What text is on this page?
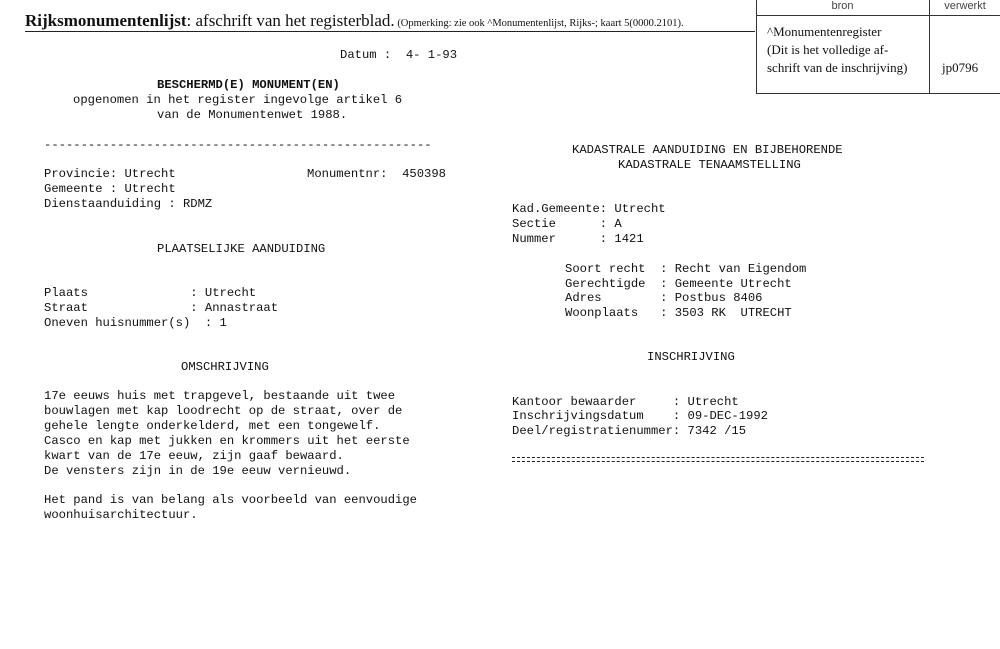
Rijksmonumentenlijst: afschrift van het registerblad. (Opmerking: zie ook ^Monumentenlijst, Rijks-; kaart 5(0000.2101).
bron	verwerkt
^Monumentenregister
(Dit is het volledige af-
schrift van de inschrijving)	jp0796
Datum :  4- 1-93
BESCHERMD(E) MONUMENT(EN)
opgenomen in het register ingevolge artikel 6
van de Monumentenwet 1988.
-----------------------------------------------------
Provincie: Utrecht	Monumentnr:  450398
Gemeente : Utrecht
Dienstaanduiding : RDMZ
PLAATSELIJKE AANDUIDING
Plaats              : Utrecht
Straat              : Annastraat
Oneven huisnummer(s)  : 1
OMSCHRIJVING
17e eeuws huis met trapgevel, bestaande uit twee
bouwlagen met kap loodrecht op de straat, over de
gehele lengte onderkelderd, met een tongewelf.
Casco en kap met jukken en krommers uit het eerste
kwart van de 17e eeuw, zijn gaaf bewaard.
De vensters zijn in de 19e eeuw vernieuwd.
Het pand is van belang als voorbeeld van eenvoudige
woonhuisarchitectuur.
KADASTRALE AANDUIDING EN BIJBEHORENDE
KADASTRALE TENAAMSTELLING
Kad.Gemeente: Utrecht
Sectie      : A
Nummer      : 1421
Soort recht  : Recht van Eigendom
Gerechtigde  : Gemeente Utrecht
Adres        : Postbus 8406
Woonplaats   : 3503 RK  UTRECHT
INSCHRIJVING
Kantoor bewaarder     : Utrecht
Inschrijvingsdatum    : 09-DEC-1992
Deel/registratienummer: 7342 /15
